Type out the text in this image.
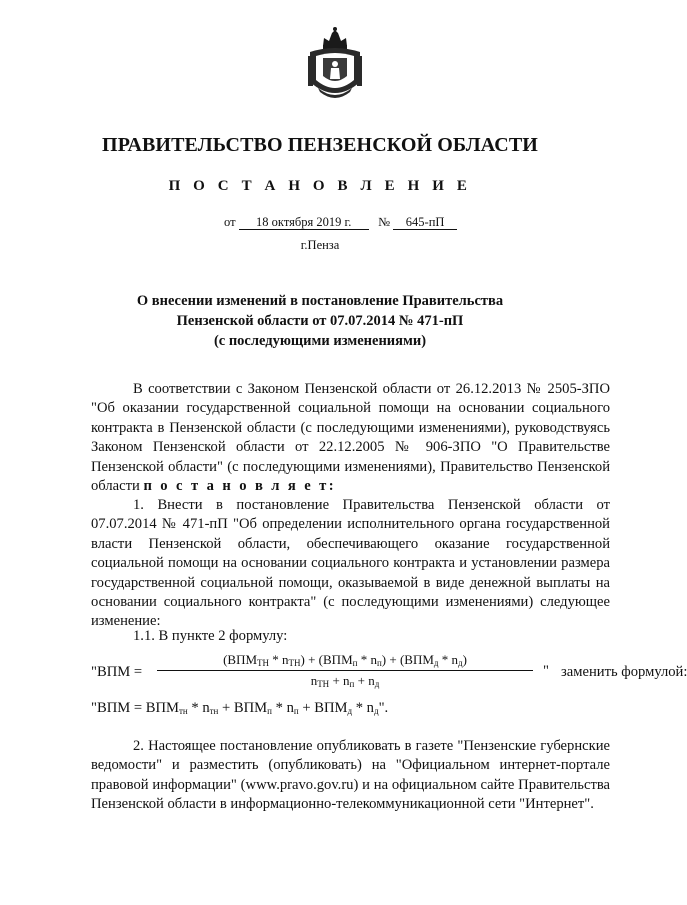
ПРАВИТЕЛЬСТВО ПЕНЗЕНСКОЙ ОБЛАСТИ
П О С Т А Н О В Л Е Н И Е
от 18 октября 2019 г. № 645-пП
г.Пенза
О внесении изменений в постановление Правительства
Пензенской области от 07.07.2014 № 471-пП
(с последующими изменениями)
В соответствии с Законом Пензенской области от 26.12.2013 № 2505-ЗПО "Об оказании государственной социальной помощи на основании социального контракта в Пензенской области (с последующими изменениями), руководствуясь Законом Пензенской области от 22.12.2005 № 906-ЗПО "О Правительстве Пензенской области" (с последующими изменениями), Правительство Пензенской области п о с т а н о в л я е т:
1. Внести в постановление Правительства Пензенской области от 07.07.2014 № 471-пП "Об определении исполнительного органа государственной власти Пензенской области, обеспечивающего оказание государственной социальной помощи на основании социального контракта и установлении размера государственной социальной помощи, оказываемой в виде денежной выплаты на основании социального контракта" (с последующими изменениями) следующее изменение:
1.1. В пункте 2 формулу:
"ВПМ =
$(ВПМ_{ТН} * n_{ТН}) + (ВПМ_п * n_п) + (ВПМ_д * n_д)$
$n_{ТН} + n_п + n_д$
" заменить формулой:
"ВПМ = $ВПМ_{тн} * n_{тн} + ВПМ_п * n_п + ВПМ_д * n_д$".
2. Настоящее постановление опубликовать в газете "Пензенские губернские ведомости" и разместить (опубликовать) на "Официальном интернет-портале правовой информации" (www.pravo.gov.ru) и на официальном сайте Правительства Пензенской области в информационно-телекоммуникационной сети "Интернет".
